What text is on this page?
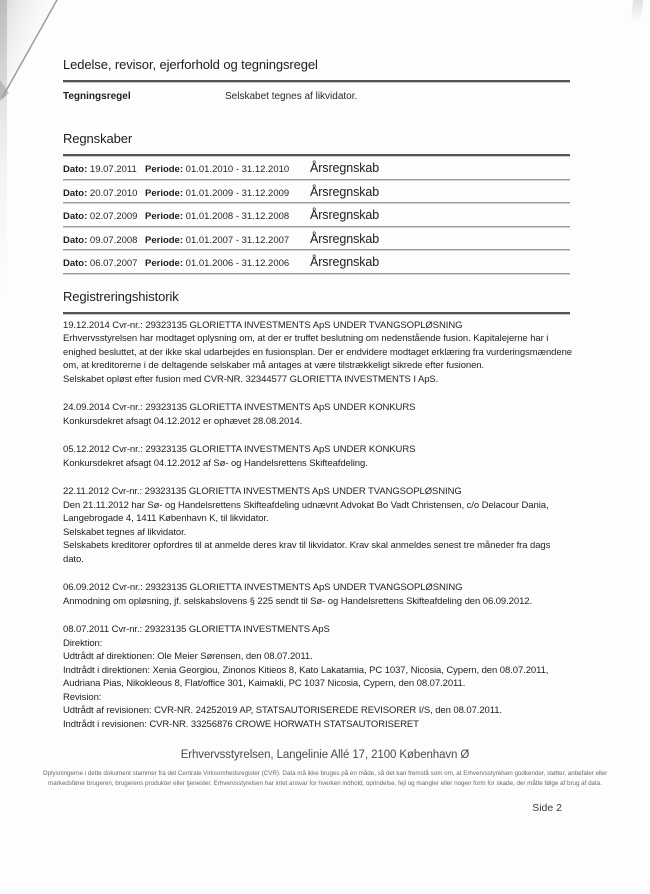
Ledelse, revisor, ejerforhold og tegningsregel
Tegningsregel	Selskabet tegnes af likvidator.
Regnskaber
Dato: 19.07.2011 Periode: 01.01.2010 - 31.12.2010	Årsregnskab
Dato: 20.07.2010 Periode: 01.01.2009 - 31.12.2009	Årsregnskab
Dato: 02.07.2009 Periode: 01.01.2008 - 31.12.2008	Årsregnskab
Dato: 09.07.2008 Periode: 01.01.2007 - 31.12.2007	Årsregnskab
Dato: 06.07.2007 Periode: 01.01.2006 - 31.12.2006	Årsregnskab
Registreringshistorik

19.12.2014 Cvr-nr.: 29323135 GLORIETTA INVESTMENTS ApS UNDER TVANGSOPLØSNING

Erhvervsstyrelsen har modtaget oplysning om, at der er truffet beslutning om nedenstående fusion. Kapitalejerne har i enighed besluttet, at der ikke skal udarbejdes en fusionsplan. Der er endvidere modtaget erklæring fra vurderingsmændene om, at kreditorerne i de deltagende selskaber må antages at være tilstrækkeligt sikrede efter fusionen.

Selskabet opløst efter fusion med CVR-NR. 32344577 GLORIETTA INVESTMENTS I ApS.

24.09.2014 Cvr-nr.: 29323135 GLORIETTA INVESTMENTS ApS UNDER KONKURS

Konkursdekret afsagt 04.12.2012 er ophævet 28.08.2014.

05.12.2012 Cvr-nr.: 29323135 GLORIETTA INVESTMENTS ApS UNDER KONKURS

Konkursdekret afsagt 04.12.2012 af Sø- og Handelsrettens Skifteafdeling.

22.11.2012 Cvr-nr.: 29323135 GLORIETTA INVESTMENTS ApS UNDER TVANGSOPLØSNING

Den 21.11.2012 har Sø- og Handelsrettens Skifteafdeling udnævnt Advokat Bo Vadt Christensen, c/o Delacour Dania, Langebrogade 4, 1411 København K, til likvidator.

Selskabet tegnes af likvidator.

Selskabets kreditorer opfordres til at anmelde deres krav til likvidator. Krav skal anmeldes senest tre måneder fra dags dato.

06.09.2012 Cvr-nr.: 29323135 GLORIETTA INVESTMENTS ApS UNDER TVANGSOPLØSNING

Anmodning om opløsning, jf. selskabslovens § 225 sendt til Sø- og Handelsrettens Skifteafdeling den 06.09.2012.

08.07.2011 Cvr-nr.: 29323135 GLORIETTA INVESTMENTS ApS

Direktion:

Udtrådt af direktionen: Ole Meier Sørensen, den 08.07.2011.

Indtrådt i direktionen: Xenia Georgiou, Zinonos Kitieos 8, Kato Lakatamia, PC 1037, Nicosia, Cypern, den 08.07.2011, Audriana Pias, Nikokleous 8, Flat/office 301, Kaimakli, PC 1037 Nicosia, Cypern, den 08.07.2011.

Revision:

Udtrådt af revisionen: CVR-NR. 24252019 AP, STATSAUTORISEREDE REVISORER I/S, den 08.07.2011.

Indtrådt i revisionen: CVR-NR. 33256876 CROWE HORWATH STATSAUTORISERET

Erhvervsstyrelsen, Langelinie Allé 17, 2100 København Ø
Oplysningerne i dette dokument stammer fra det Centrale Virksomhedsregister (CVR). Data må ikke bruges på en måde, så det kan fremstå som om, at Erhvervsstyrelsen godkender, støtter, anbefaler eller markedsfører brugeren, brugerens produkter eller tjenester. Erhvervsstyrelsen har intet ansvar for hverken indhold, oprindelse, fejl og mangler eller nogen form for skade, der måtte følge af brug af data.
Side 2
